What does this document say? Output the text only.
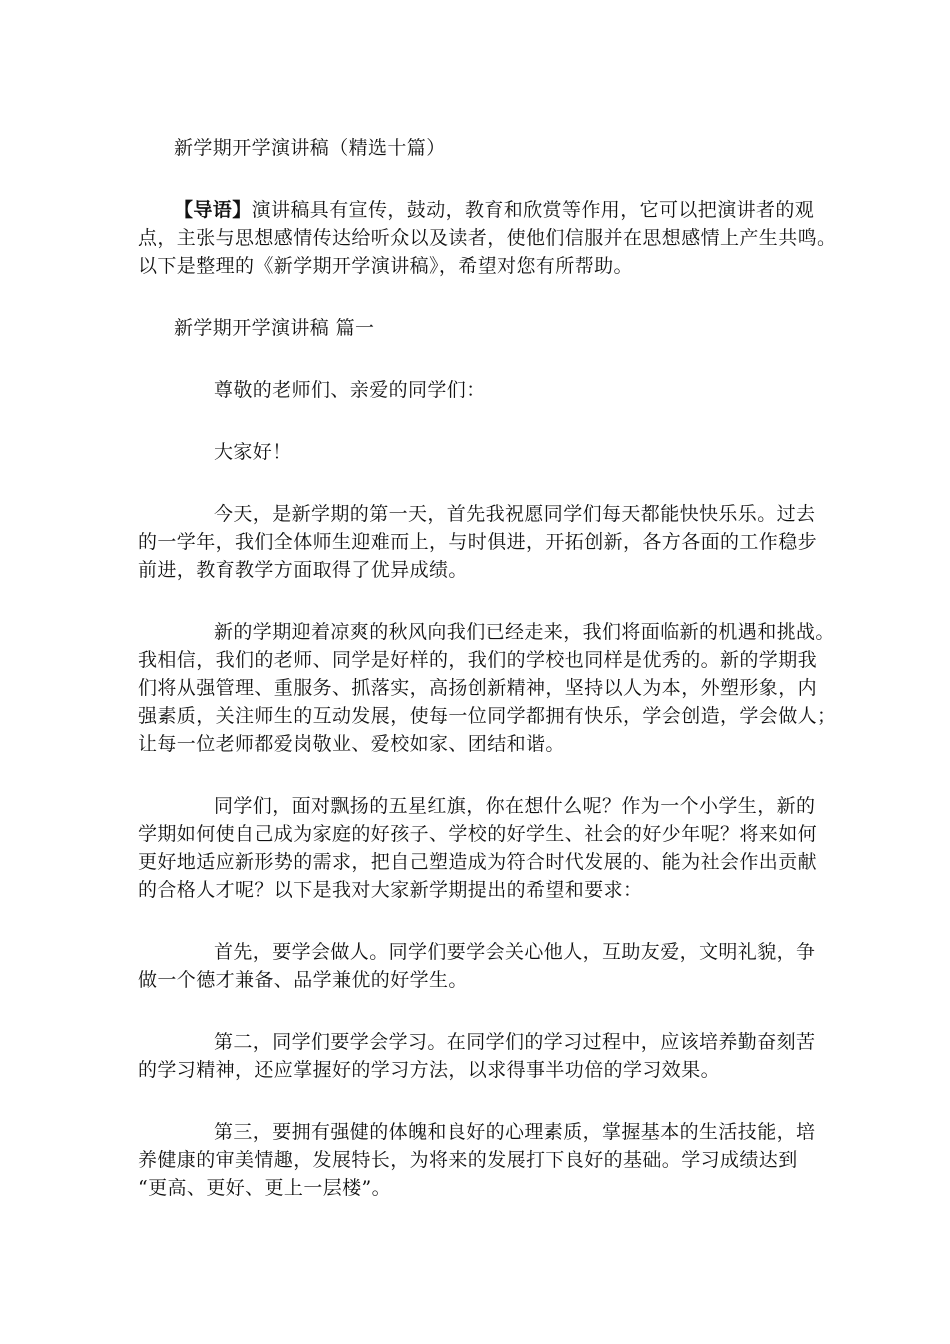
新学期开学演讲稿（精选十篇）
【导语】演讲稿具有宣传，鼓动，教育和欣赏等作用，它可以把演讲者的观
点，主张与思想感情传达给听众以及读者，使他们信服并在思想感情上产生共鸣。
以下是整理的《新学期开学演讲稿》，希望对您有所帮助。
新学期开学演讲稿 篇一
尊敬的老师们、亲爱的同学们：
大家好！
今天，是新学期的第一天，首先我祝愿同学们每天都能快快乐乐。过去
的一学年，我们全体师生迎难而上，与时俱进，开拓创新，各方各面的工作稳步
前进，教育教学方面取得了优异成绩。
新的学期迎着凉爽的秋风向我们已经走来，我们将面临新的机遇和挑战。
我相信，我们的老师、同学是好样的，我们的学校也同样是优秀的。新的学期我
们将从强管理、重服务、抓落实，高扬创新精神，坚持以人为本，外塑形象，内
强素质，关注师生的互动发展，使每一位同学都拥有快乐，学会创造，学会做人；
让每一位老师都爱岗敬业、爱校如家、团结和谐。
同学们，面对飘扬的五星红旗，你在想什么呢？作为一个小学生，新的
学期如何使自己成为家庭的好孩子、学校的好学生、社会的好少年呢？将来如何
更好地适应新形势的需求，把自己塑造成为符合时代发展的、能为社会作出贡献
的合格人才呢？以下是我对大家新学期提出的希望和要求：
首先，要学会做人。同学们要学会关心他人，互助友爱，文明礼貌，争
做一个德才兼备、品学兼优的好学生。
第二，同学们要学会学习。在同学们的学习过程中，应该培养勤奋刻苦
的学习精神，还应掌握好的学习方法，以求得事半功倍的学习效果。
第三，要拥有强健的体魄和良好的心理素质，掌握基本的生活技能，培
养健康的审美情趣，发展特长，为将来的发展打下良好的基础。学习成绩达到
“更高、更好、更上一层楼”。
